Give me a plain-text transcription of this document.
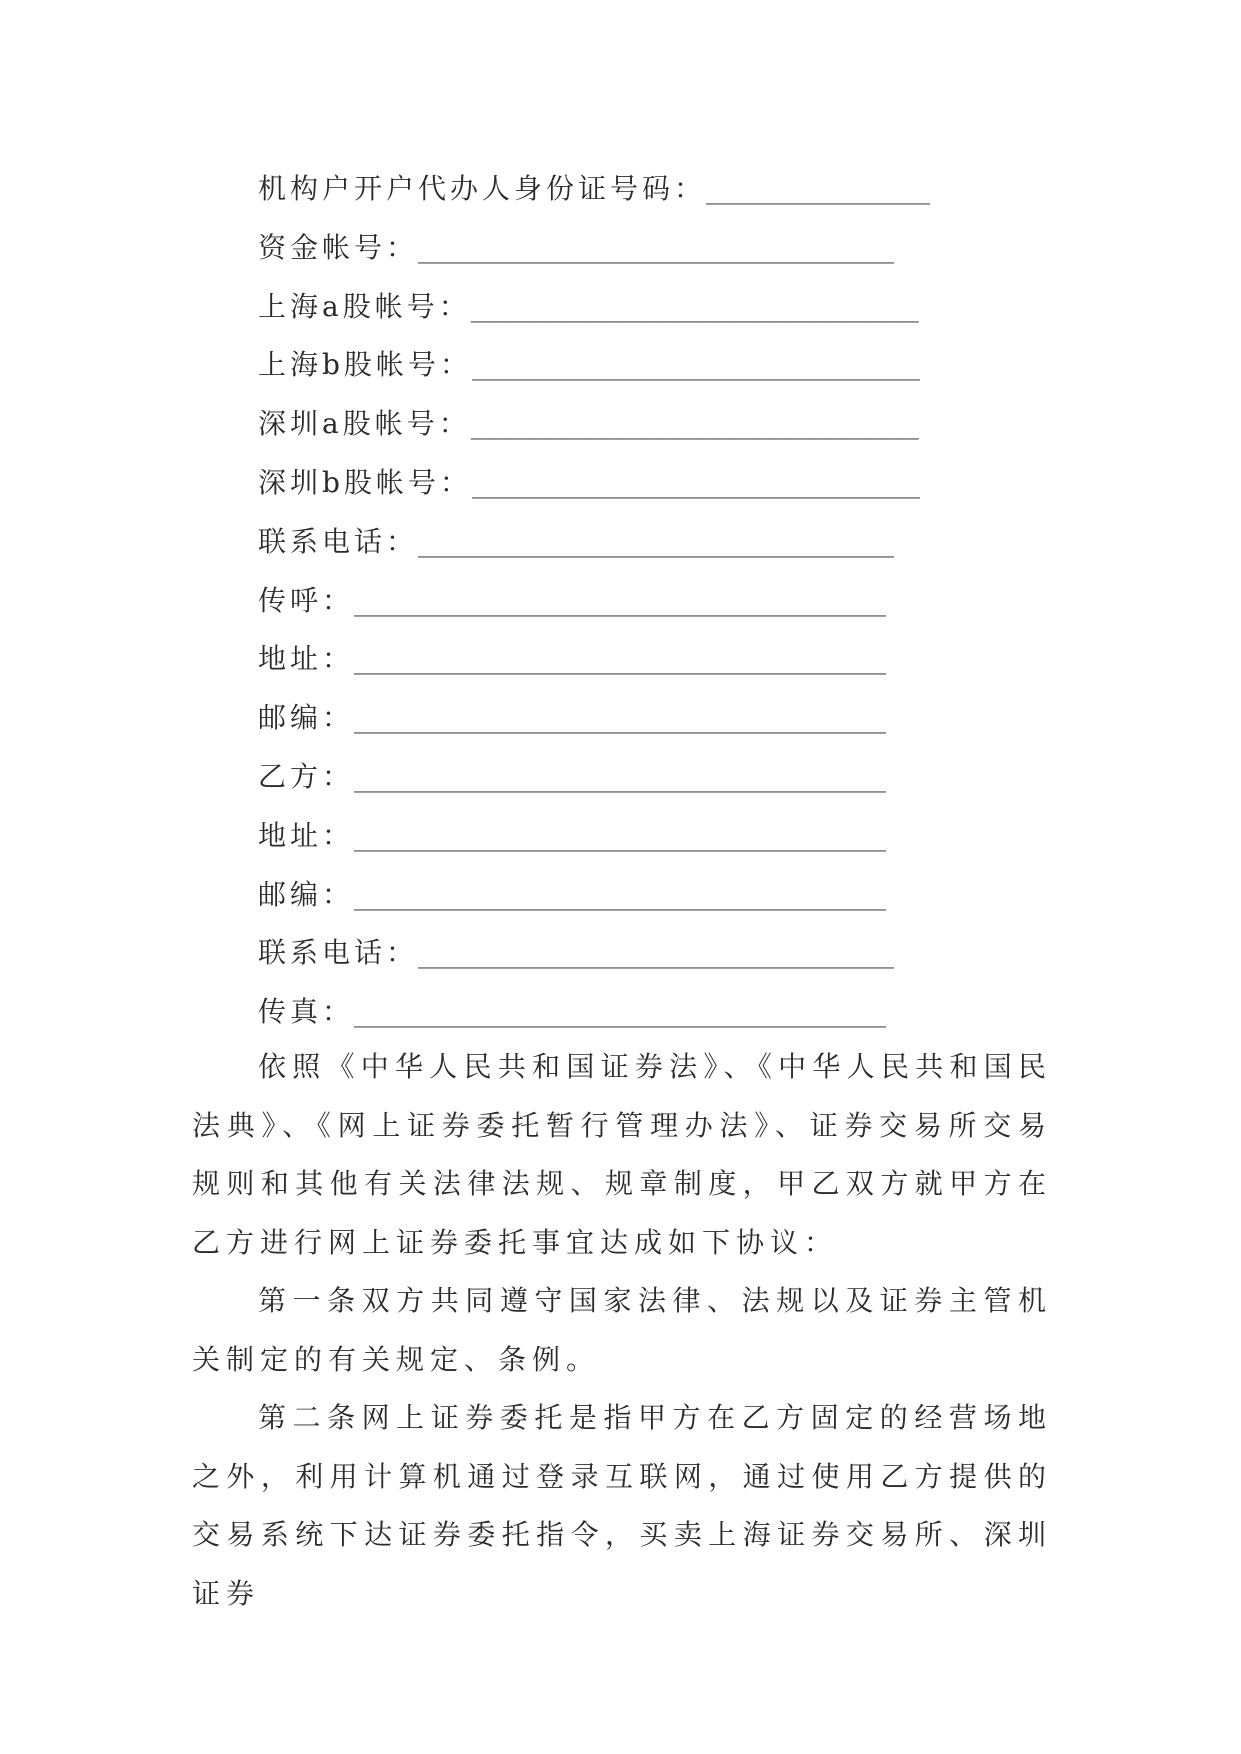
机构户开户代办人身份证号码：________________
资金帐号：__________________________________
上海a股帐号：________________________________
上海b股帐号：________________________________
深圳a股帐号：________________________________
深圳b股帐号：________________________________
联系电话：__________________________________
传呼：______________________________________
地址：______________________________________
邮编：______________________________________
乙方：______________________________________
地址：______________________________________
邮编：______________________________________
联系电话：__________________________________
传真：______________________________________

依照《中华人民共和国证券法》、《中华人民共和国民法典》、《网上证券委托暂行管理办法》、证券交易所交易规则和其他有关法律法规、规章制度，甲乙双方就甲方在乙方进行网上证券委托事宜达成如下协议：

第一条双方共同遵守国家法律、法规以及证券主管机关制定的有关规定、条例。

第二条网上证券委托是指甲方在乙方固定的经营场地之外，利用计算机通过登录互联网，通过使用乙方提供的交易系统下达证券委托指令，买卖上海证券交易所、深圳证券
